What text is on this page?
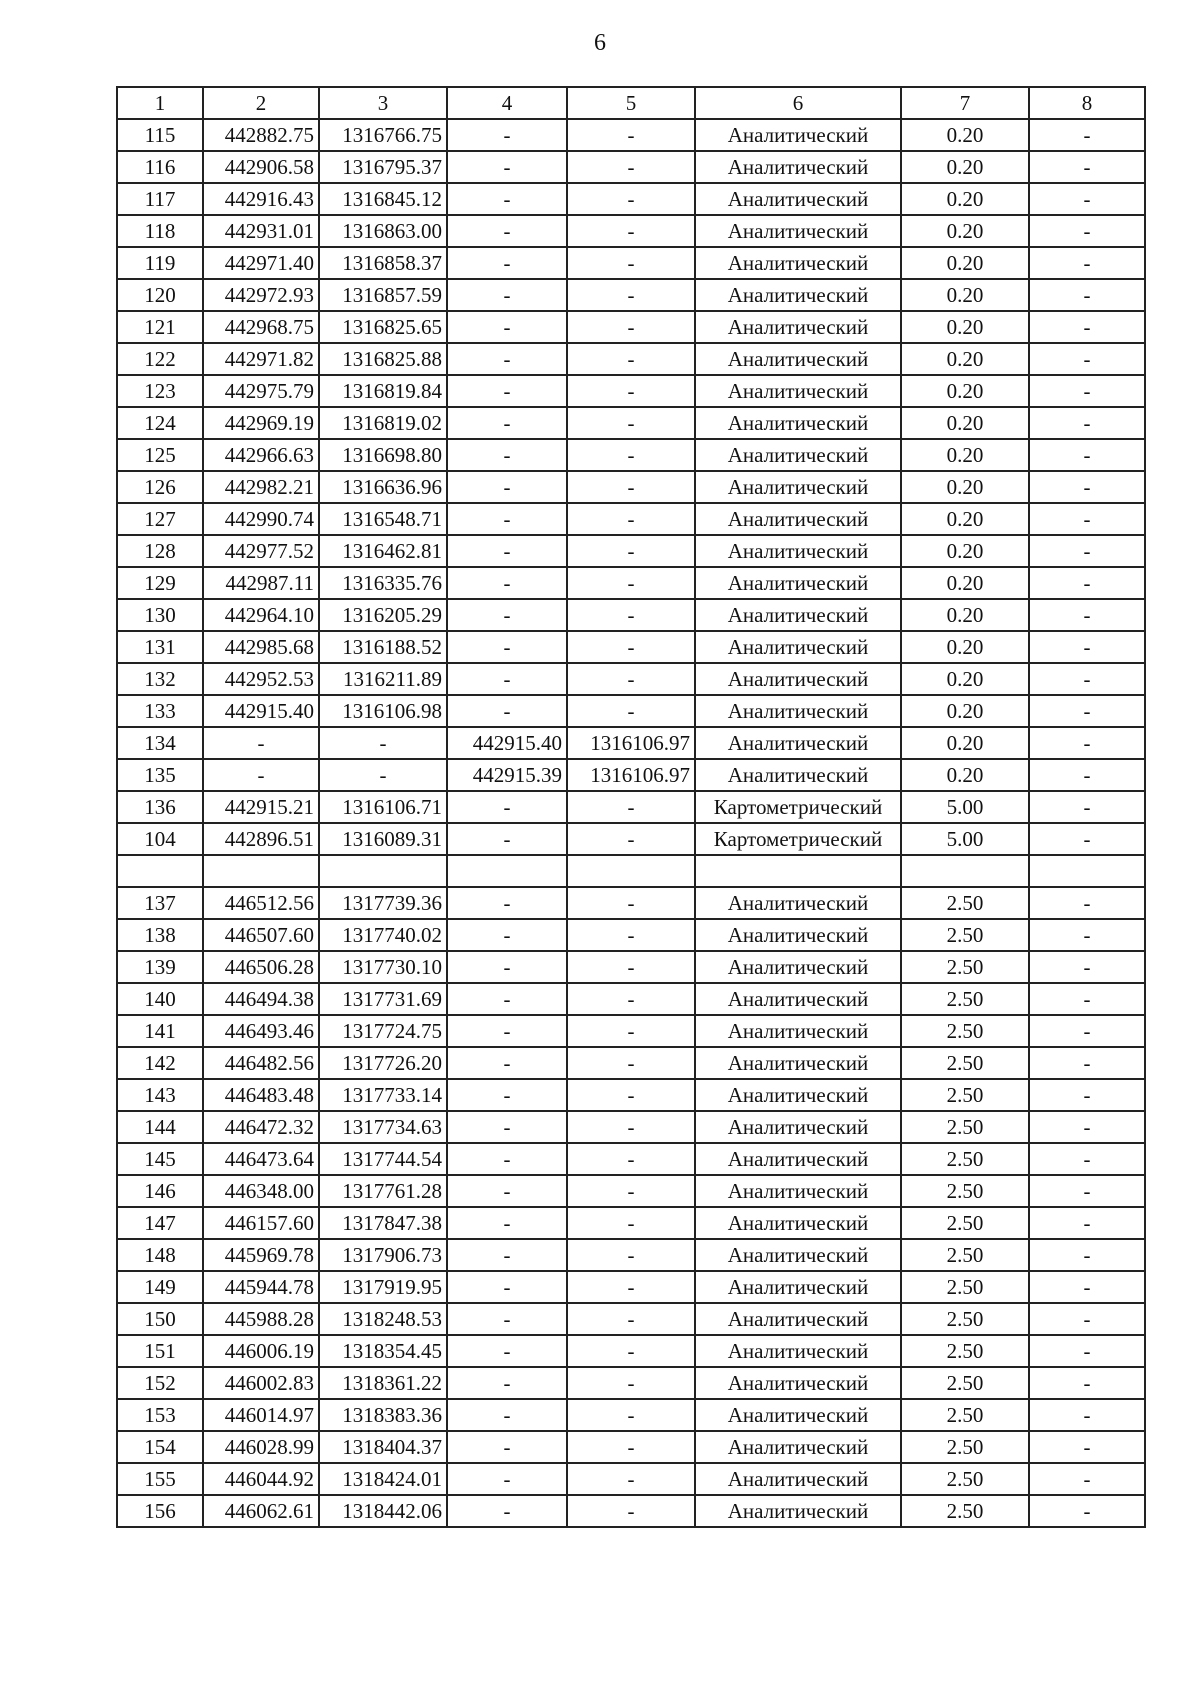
6
1	2	3	4	5	6	7	8
115	442882.75	1316766.75	-	-	Аналитический	0.20	-
116	442906.58	1316795.37	-	-	Аналитический	0.20	-
117	442916.43	1316845.12	-	-	Аналитический	0.20	-
118	442931.01	1316863.00	-	-	Аналитический	0.20	-
119	442971.40	1316858.37	-	-	Аналитический	0.20	-
120	442972.93	1316857.59	-	-	Аналитический	0.20	-
121	442968.75	1316825.65	-	-	Аналитический	0.20	-
122	442971.82	1316825.88	-	-	Аналитический	0.20	-
123	442975.79	1316819.84	-	-	Аналитический	0.20	-
124	442969.19	1316819.02	-	-	Аналитический	0.20	-
125	442966.63	1316698.80	-	-	Аналитический	0.20	-
126	442982.21	1316636.96	-	-	Аналитический	0.20	-
127	442990.74	1316548.71	-	-	Аналитический	0.20	-
128	442977.52	1316462.81	-	-	Аналитический	0.20	-
129	442987.11	1316335.76	-	-	Аналитический	0.20	-
130	442964.10	1316205.29	-	-	Аналитический	0.20	-
131	442985.68	1316188.52	-	-	Аналитический	0.20	-
132	442952.53	1316211.89	-	-	Аналитический	0.20	-
133	442915.40	1316106.98	-	-	Аналитический	0.20	-
134	-	-	442915.40	1316106.97	Аналитический	0.20	-
135	-	-	442915.39	1316106.97	Аналитический	0.20	-
136	442915.21	1316106.71	-	-	Картометрический	5.00	-
104	442896.51	1316089.31	-	-	Картометрический	5.00	-

137	446512.56	1317739.36	-	-	Аналитический	2.50	-
138	446507.60	1317740.02	-	-	Аналитический	2.50	-
139	446506.28	1317730.10	-	-	Аналитический	2.50	-
140	446494.38	1317731.69	-	-	Аналитический	2.50	-
141	446493.46	1317724.75	-	-	Аналитический	2.50	-
142	446482.56	1317726.20	-	-	Аналитический	2.50	-
143	446483.48	1317733.14	-	-	Аналитический	2.50	-
144	446472.32	1317734.63	-	-	Аналитический	2.50	-
145	446473.64	1317744.54	-	-	Аналитический	2.50	-
146	446348.00	1317761.28	-	-	Аналитический	2.50	-
147	446157.60	1317847.38	-	-	Аналитический	2.50	-
148	445969.78	1317906.73	-	-	Аналитический	2.50	-
149	445944.78	1317919.95	-	-	Аналитический	2.50	-
150	445988.28	1318248.53	-	-	Аналитический	2.50	-
151	446006.19	1318354.45	-	-	Аналитический	2.50	-
152	446002.83	1318361.22	-	-	Аналитический	2.50	-
153	446014.97	1318383.36	-	-	Аналитический	2.50	-
154	446028.99	1318404.37	-	-	Аналитический	2.50	-
155	446044.92	1318424.01	-	-	Аналитический	2.50	-
156	446062.61	1318442.06	-	-	Аналитический	2.50	-
